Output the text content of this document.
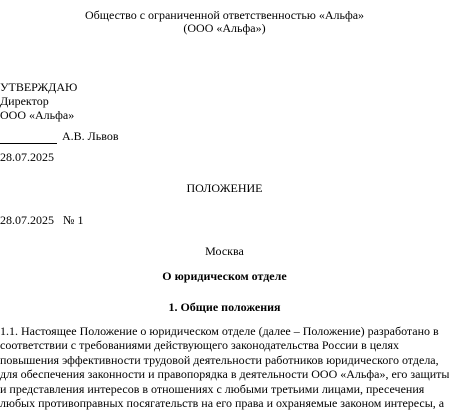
Общество с ограниченной ответственностью «Альфа»
(ООО «Альфа»)
УТВЕРЖДАЮ
Директор
ООО «Альфа»
А.В. Львов
28.07.2025
ПОЛОЖЕНИЕ
28.07.2025 № 1
Москва
О юридическом отделе
1. Общие положения
1.1. Настоящее Положение о юридическом отделе (далее – Положение) разработано в
соответствии с требованиями действующего законодательства России в целях
повышения эффективности трудовой деятельности работников юридического отдела,
для обеспечения законности и правопорядка в деятельности ООО «Альфа», его защиты
и представления интересов в отношениях с любыми третьими лицами, пресечения
любых противоправных посягательств на его права и охраняемые законом интересы, а
